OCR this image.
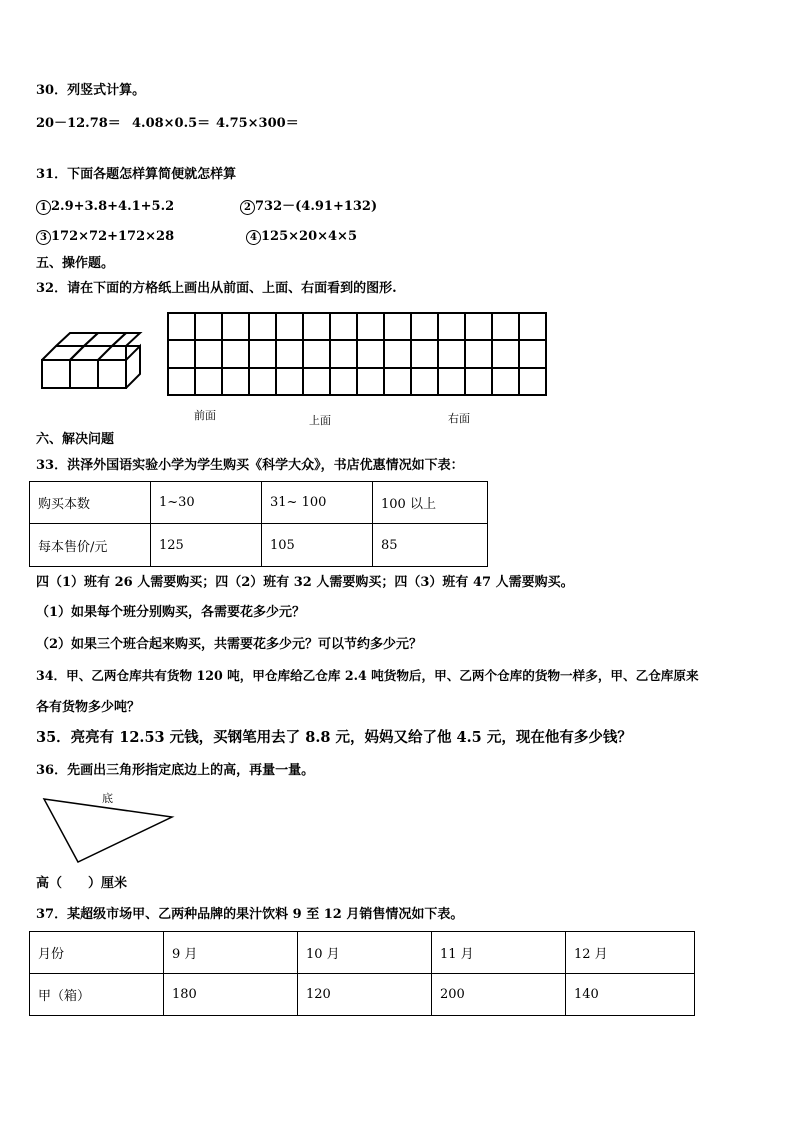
30．列竖式计算。
20－12.78＝ 4.08×0.5＝ 4.75×300＝
31．下面各题怎样算简便就怎样算
1 2.9+3.8+4.1+5.2	2 732－(4.91+132)
3 172×72+172×28	4 125×20×4×5
五、操作题。
32．请在下面的方格纸上画出从前面、上面、右面看到的图形.
前面	上面	右面
六、解决问题
33．洪泽外国语实验小学为学生购买《科学大众》，书店优惠情况如下表：
购买本数	1~30	31~ 100	100 以上
每本售价/元	125	105	85
四（1）班有 26 人需要购买；四（2）班有 32 人需要购买；四（3）班有 47 人需要购买。
（1）如果每个班分别购买，各需要花多少元？
（2）如果三个班合起来购买，共需要花多少元？可以节约多少元？
34．甲、乙两仓库共有货物 120 吨，甲仓库给乙仓库 2.4 吨货物后，甲、乙两个仓库的货物一样多，甲、乙仓库原来
各有货物多少吨？
35．亮亮有 12.53 元钱，买钢笔用去了 8.8 元，妈妈又给了他 4.5 元，现在他有多少钱？
36．先画出三角形指定底边上的高，再量一量。
底
高（　　）厘米
37．某超级市场甲、乙两种品牌的果汁饮料 9 至 12 月销售情况如下表。
月份	9 月	10 月	11 月	12 月
甲（箱）	180	120	200	140
